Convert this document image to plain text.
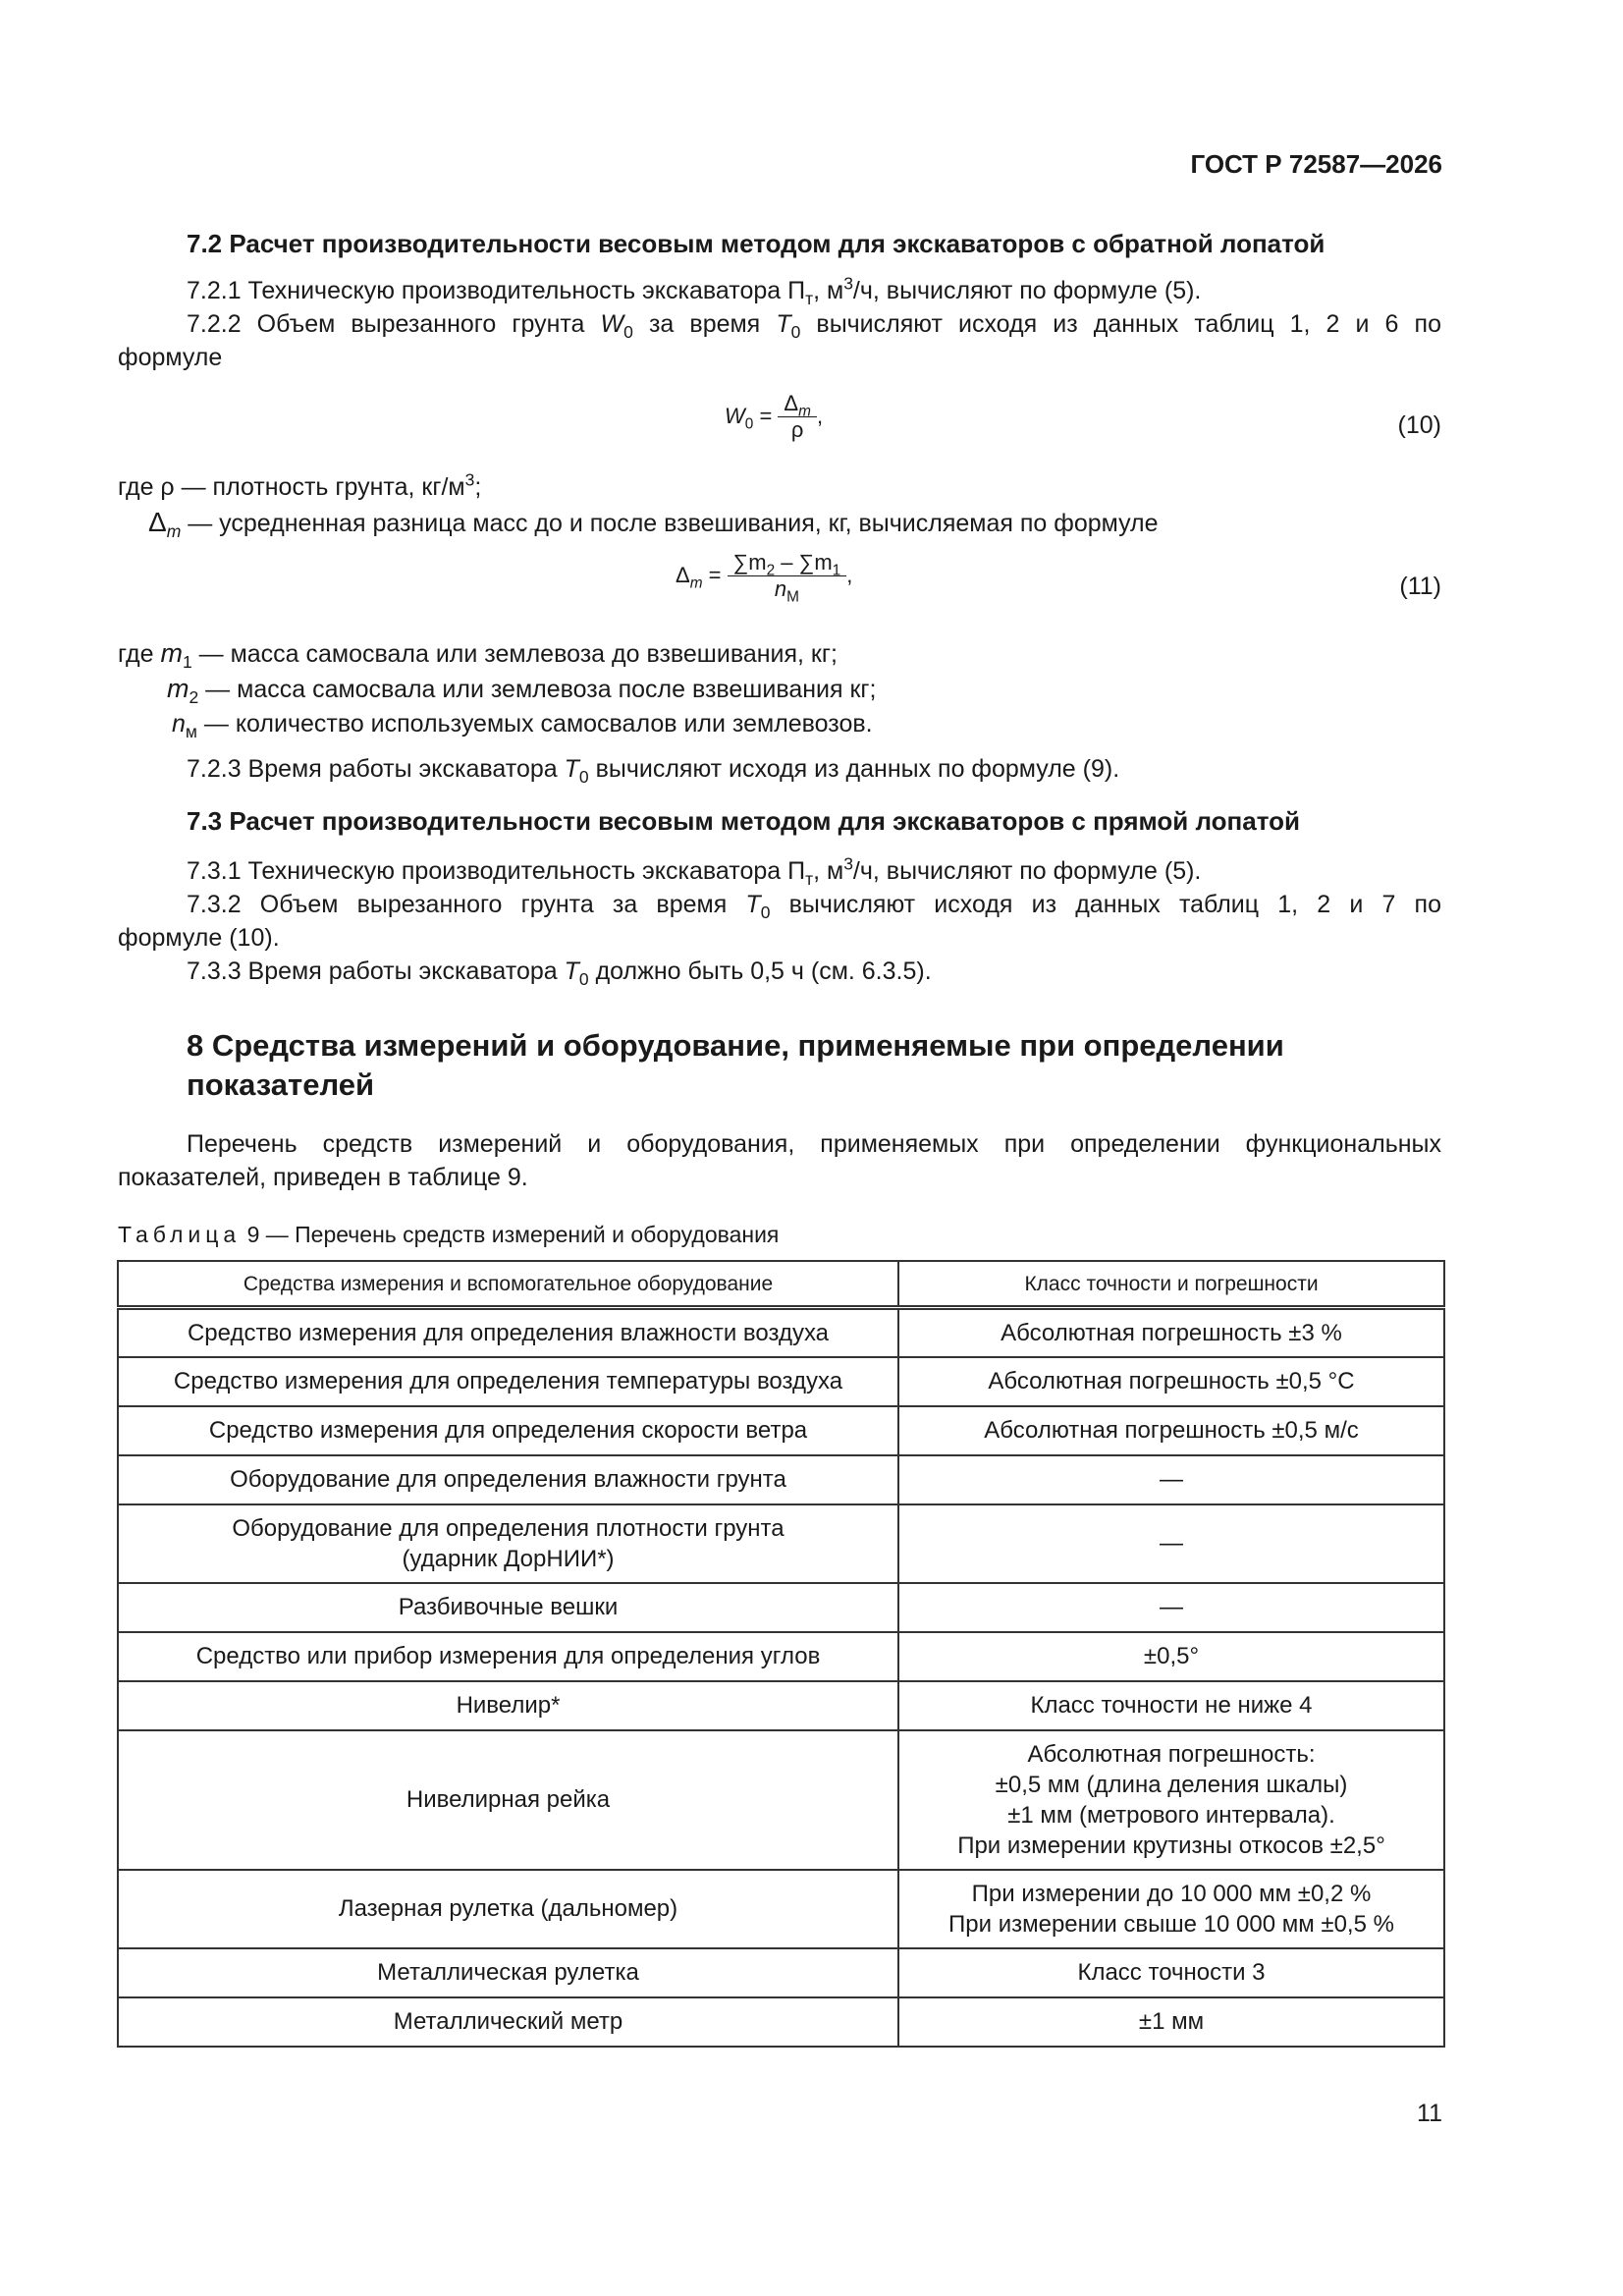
ГОСТ Р 72587—2026
7.2 Расчет производительности весовым методом для экскаваторов с обратной лопатой
7.2.1 Техническую производительность экскаватора $П_т$, $м^3/ч$, вычисляют по формуле (5).
7.2.2 Объем вырезанного грунта $W_0$ за время $T_0$ вычисляют исходя из данных таблиц 1, 2 и 6 по
формуле
$W_0 = \frac{\Delta_m}{\rho}$ ,	(10)
где ρ — плотность грунта, $кг/м^3$;
$\Delta_m$ — усредненная разница масс до и после взвешивания, кг, вычисляемая по формуле
$\Delta_m = \frac{\sum m_2 - \sum m_1}{n_M}$ ,	(11)
где $m_1$ — масса самосвала или землевоза до взвешивания, кг;
$m_2$ — масса самосвала или землевоза после взвешивания кг;
$n_м$ — количество используемых самосвалов или землевозов.
7.2.3 Время работы экскаватора $T_0$ вычисляют исходя из данных по формуле (9).
7.3 Расчет производительности весовым методом для экскаваторов с прямой лопатой
7.3.1 Техническую производительность экскаватора $П_т$, $м^3/ч$, вычисляют по формуле (5).
7.3.2 Объем вырезанного грунта за время $T_0$ вычисляют исходя из данных таблиц 1, 2 и 7 по
формуле (10).
7.3.3 Время работы экскаватора $T_0$ должно быть 0,5 ч (см. 6.3.5).
8 Средства измерений и оборудование, применяемые при определении
показателей
Перечень средств измерений и оборудования, применяемых при определении функциональных
показателей, приведен в таблице 9.
Таблица 9 — Перечень средств измерений и оборудования
Средства измерения и вспомогательное оборудование	Класс точности и погрешности
Средство измерения для определения влажности воздуха	Абсолютная погрешность ±3 %
Средство измерения для определения температуры воздуха	Абсолютная погрешность ±0,5 °С
Средство измерения для определения скорости ветра	Абсолютная погрешность ±0,5 м/с
Оборудование для определения влажности грунта	—

Оборудование для определения плотности грунта
(ударник ДорНИИ*)	—
Разбивочные вешки	—
Средство или прибор измерения для определения углов	±0,5°
Нивелир*	Класс точности не ниже 4
Нивелирная рейка	Абсолютная погрешность:
±0,5 мм (длина деления шкалы)
±1 мм (метрового интервала).
При измерении крутизны откосов ±2,5°

Лазерная рулетка (дальномер)	При измерении до 10 000 мм ±0,2 %
При измерении свыше 10 000 мм ±0,5 %

Металлическая рулетка	Класс точности 3
Металлический метр	±1 мм
11
